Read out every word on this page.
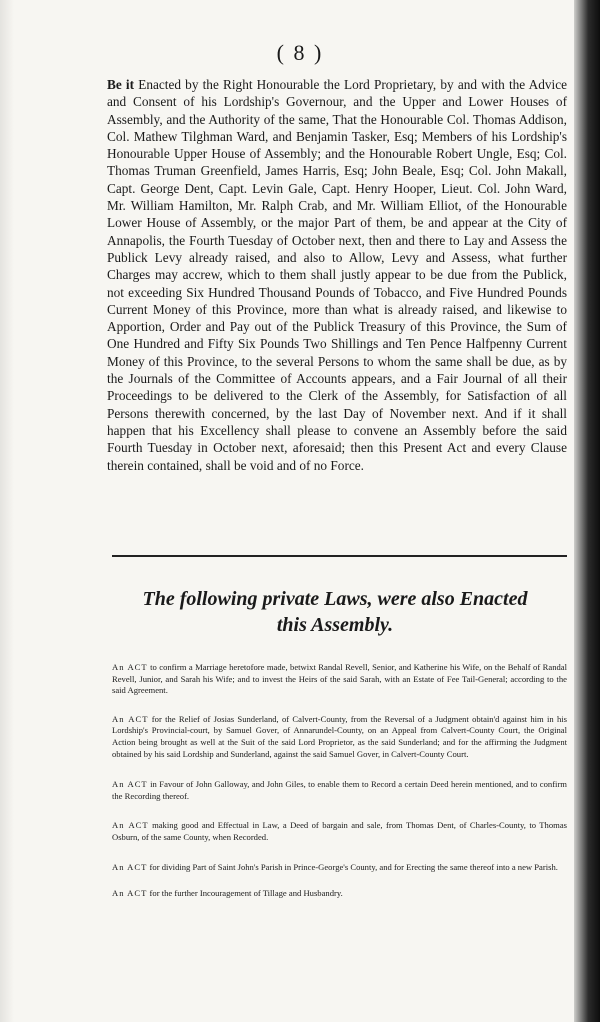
( 8 )
Be it Enacted by the Right Honourable the Lord Proprietary, by and with the Advice and Consent of his Lordship's Governour, and the Upper and Lower Houses of Assembly, and the Authority of the same, That the Honourable Col. Thomas Addison, Col. Mathew Tilghman Ward, and Benjamin Tasker, Esq; Members of his Lordship's Honourable Upper House of Assembly; and the Honourable Robert Ungle, Esq; Col. Thomas Truman Greenfield, James Harris, Esq; John Beale, Esq; Col. John Makall, Capt. George Dent, Capt. Levin Gale, Capt. Henry Hooper, Lieut. Col. John Ward, Mr. William Hamilton, Mr. Ralph Crab, and Mr. William Elliot, of the Honourable Lower House of Assembly, or the major Part of them, be and appear at the City of Annapolis, the Fourth Tuesday of October next, then and there to Lay and Assess the Publick Levy already raised, and also to Allow, Levy and Assess, what further Charges may accrew, which to them shall justly appear to be due from the Publick, not exceeding Six Hundred Thousand Pounds of Tobacco, and Five Hundred Pounds Current Money of this Province, more than what is already raised, and likewise to Apportion, Order and Pay out of the Publick Treasury of this Province, the Sum of One Hundred and Fifty Six Pounds Two Shillings and Ten Pence Halfpenny Current Money of this Province, to the several Persons to whom the same shall be due, as by the Journals of the Committee of Accounts appears, and a Fair Journal of all their Proceedings to be delivered to the Clerk of the Assembly, for Satisfaction of all Persons therewith concerned, by the last Day of November next. And if it shall happen that his Excellency shall please to convene an Assembly before the said Fourth Tuesday in October next, aforesaid; then this Present Act and every Clause therein contained, shall be void and of no Force.
The following private Laws, were also Enacted
this Assembly.
An ACT to confirm a Marriage heretofore made, betwixt Randal Revell, Senior, and Katherine his Wife, on the Behalf of Randal Revell, Junior, and Sarah his Wife; and to invest the Heirs of the said Sarah, with an Estate of Fee Tail-General; according to the said Agreement.
An ACT for the Relief of Josias Sunderland, of Calvert-County, from the Reversal of a Judgment obtain'd against him in his Lordship's Provincial-court, by Samuel Gover, of Annarundel-County, on an Appeal from Calvert-County Court, the Original Action being brought as well at the Suit of the said Lord Proprietor, as the said Sunderland; and for the affirming the Judgment obtained by his said Lordship and Sunderland, against the said Samuel Gover, in Calvert-County Court.
An ACT in Favour of John Galloway, and John Giles, to enable them to Record a certain Deed herein mentioned, and to confirm the Recording thereof.
An ACT making good and Effectual in Law, a Deed of bargain and sale, from Thomas Dent, of Charles-County, to Thomas Osburn, of the same County, when Recorded.
An ACT for dividing Part of Saint John's Parish in Prince-George's County, and for Erecting the same thereof into a new Parish.
An ACT for the further Incouragement of Tillage and Husbandry.
